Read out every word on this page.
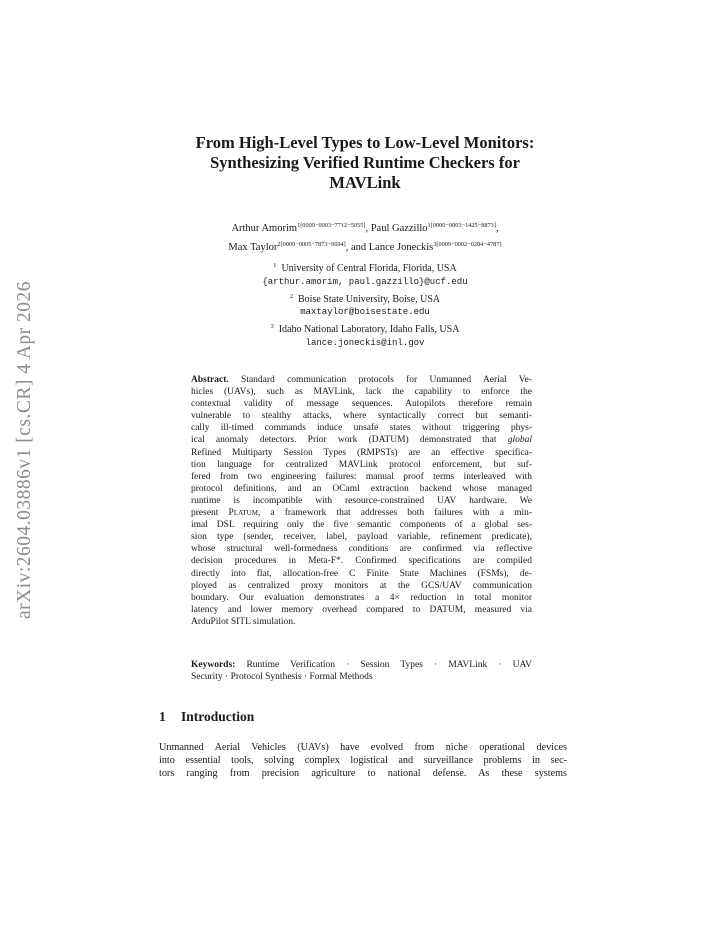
arXiv:2604.03886v1 [cs.CR] 4 Apr 2026
From High-Level Types to Low-Level Monitors:
Synthesizing Verified Runtime Checkers for
MAVLink
Arthur Amorim$^{1[0009-0003-7712-5055]}$, Paul Gazzillo$^{1[0000-0003-1425-8873]}$,
Max Taylor$^{2[0009-0005-7873-9694]}$, and Lance Joneckis$^{3[0009-0002-0284-4787]}$
$^1$ University of Central Florida, Florida, USA
{arthur.amorim, paul.gazzillo}@ucf.edu
$^2$ Boise State University, Boise, USA
maxtaylor@boisestate.edu
$^3$ Idaho National Laboratory, Idaho Falls, USA
lance.joneckis@inl.gov
Abstract. Standard communication protocols for Unmanned Aerial Ve-
hicles (UAVs), such as MAVLink, lack the capability to enforce the
contextual validity of message sequences. Autopilots therefore remain
vulnerable to stealthy attacks, where syntactically correct but semanti-
cally ill-timed commands induce unsafe states without triggering phys-
ical anomaly detectors. Prior work (DATUM) demonstrated that global
Refined Multiparty Session Types (RMPSTs) are an effective specifica-
tion language for centralized MAVLink protocol enforcement, but suf-
fered from two engineering failures: manual proof terms interleaved with
protocol definitions, and an OCaml extraction backend whose managed
runtime is incompatible with resource-constrained UAV hardware. We
present Platum, a framework that addresses both failures with a min-
imal DSL requiring only the five semantic components of a global ses-
sion type (sender, receiver, label, payload variable, refinement predicate),
whose structural well-formedness conditions are confirmed via reflective
decision procedures in Meta-F*. Confirmed specifications are compiled
directly into flat, allocation-free C Finite State Machines (FSMs), de-
ployed as centralized proxy monitors at the GCS/UAV communication
boundary. Our evaluation demonstrates a 4× reduction in total monitor
latency and lower memory overhead compared to DATUM, measured via
ArduPilot SITL simulation.
Keywords: Runtime Verification · Session Types · MAVLink · UAV
Security · Protocol Synthesis · Formal Methods
1 Introduction
Unmanned Aerial Vehicles (UAVs) have evolved from niche operational devices
into essential tools, solving complex logistical and surveillance problems in sec-
tors ranging from precision agriculture to national defense. As these systems
